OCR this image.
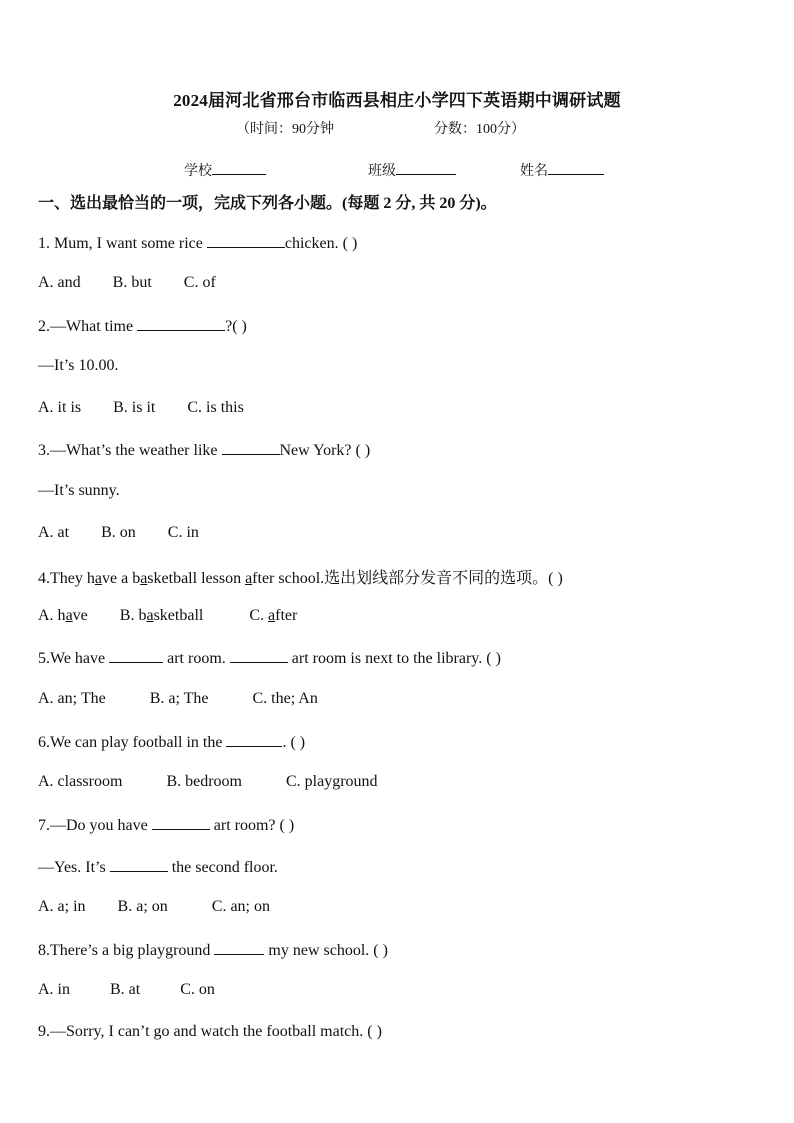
2024届河北省邢台市临西县相庄小学四下英语期中调研试题
（时间：90分钟	分数：100分）
学校	班级	姓名
一、选出最恰当的一项，完成下列各小题。(每题 2 分, 共 20 分)。
1. Mum, I want some rice	chicken. ( )
A. and B. but C. of
2.—What time	?( )
—It’s 10.00.
A. it is B. is it C. is this
3.—What’s the weather like	New York? ( )
—It’s sunny.
A. at B. on C. in
4.They have a basketball lesson after school.选出划线部分发音不同的选项。( )
A. have B. basketball	C. after
5.We have	art room.	art room is next to the library. ( )
A. an; The	B. a; The	C. the; An
6.We can play football in the	. ( )
A. classroom	B. bedroom	C. playground
7.—Do you have	art room? ( )
—Yes. It’s	the second floor.
A. a; in B. a; on	C. an; on
8.There’s a big playground	my new school. ( )
A. in	B. at	C. on
9.—Sorry, I can’t go and watch the football match. ( )
